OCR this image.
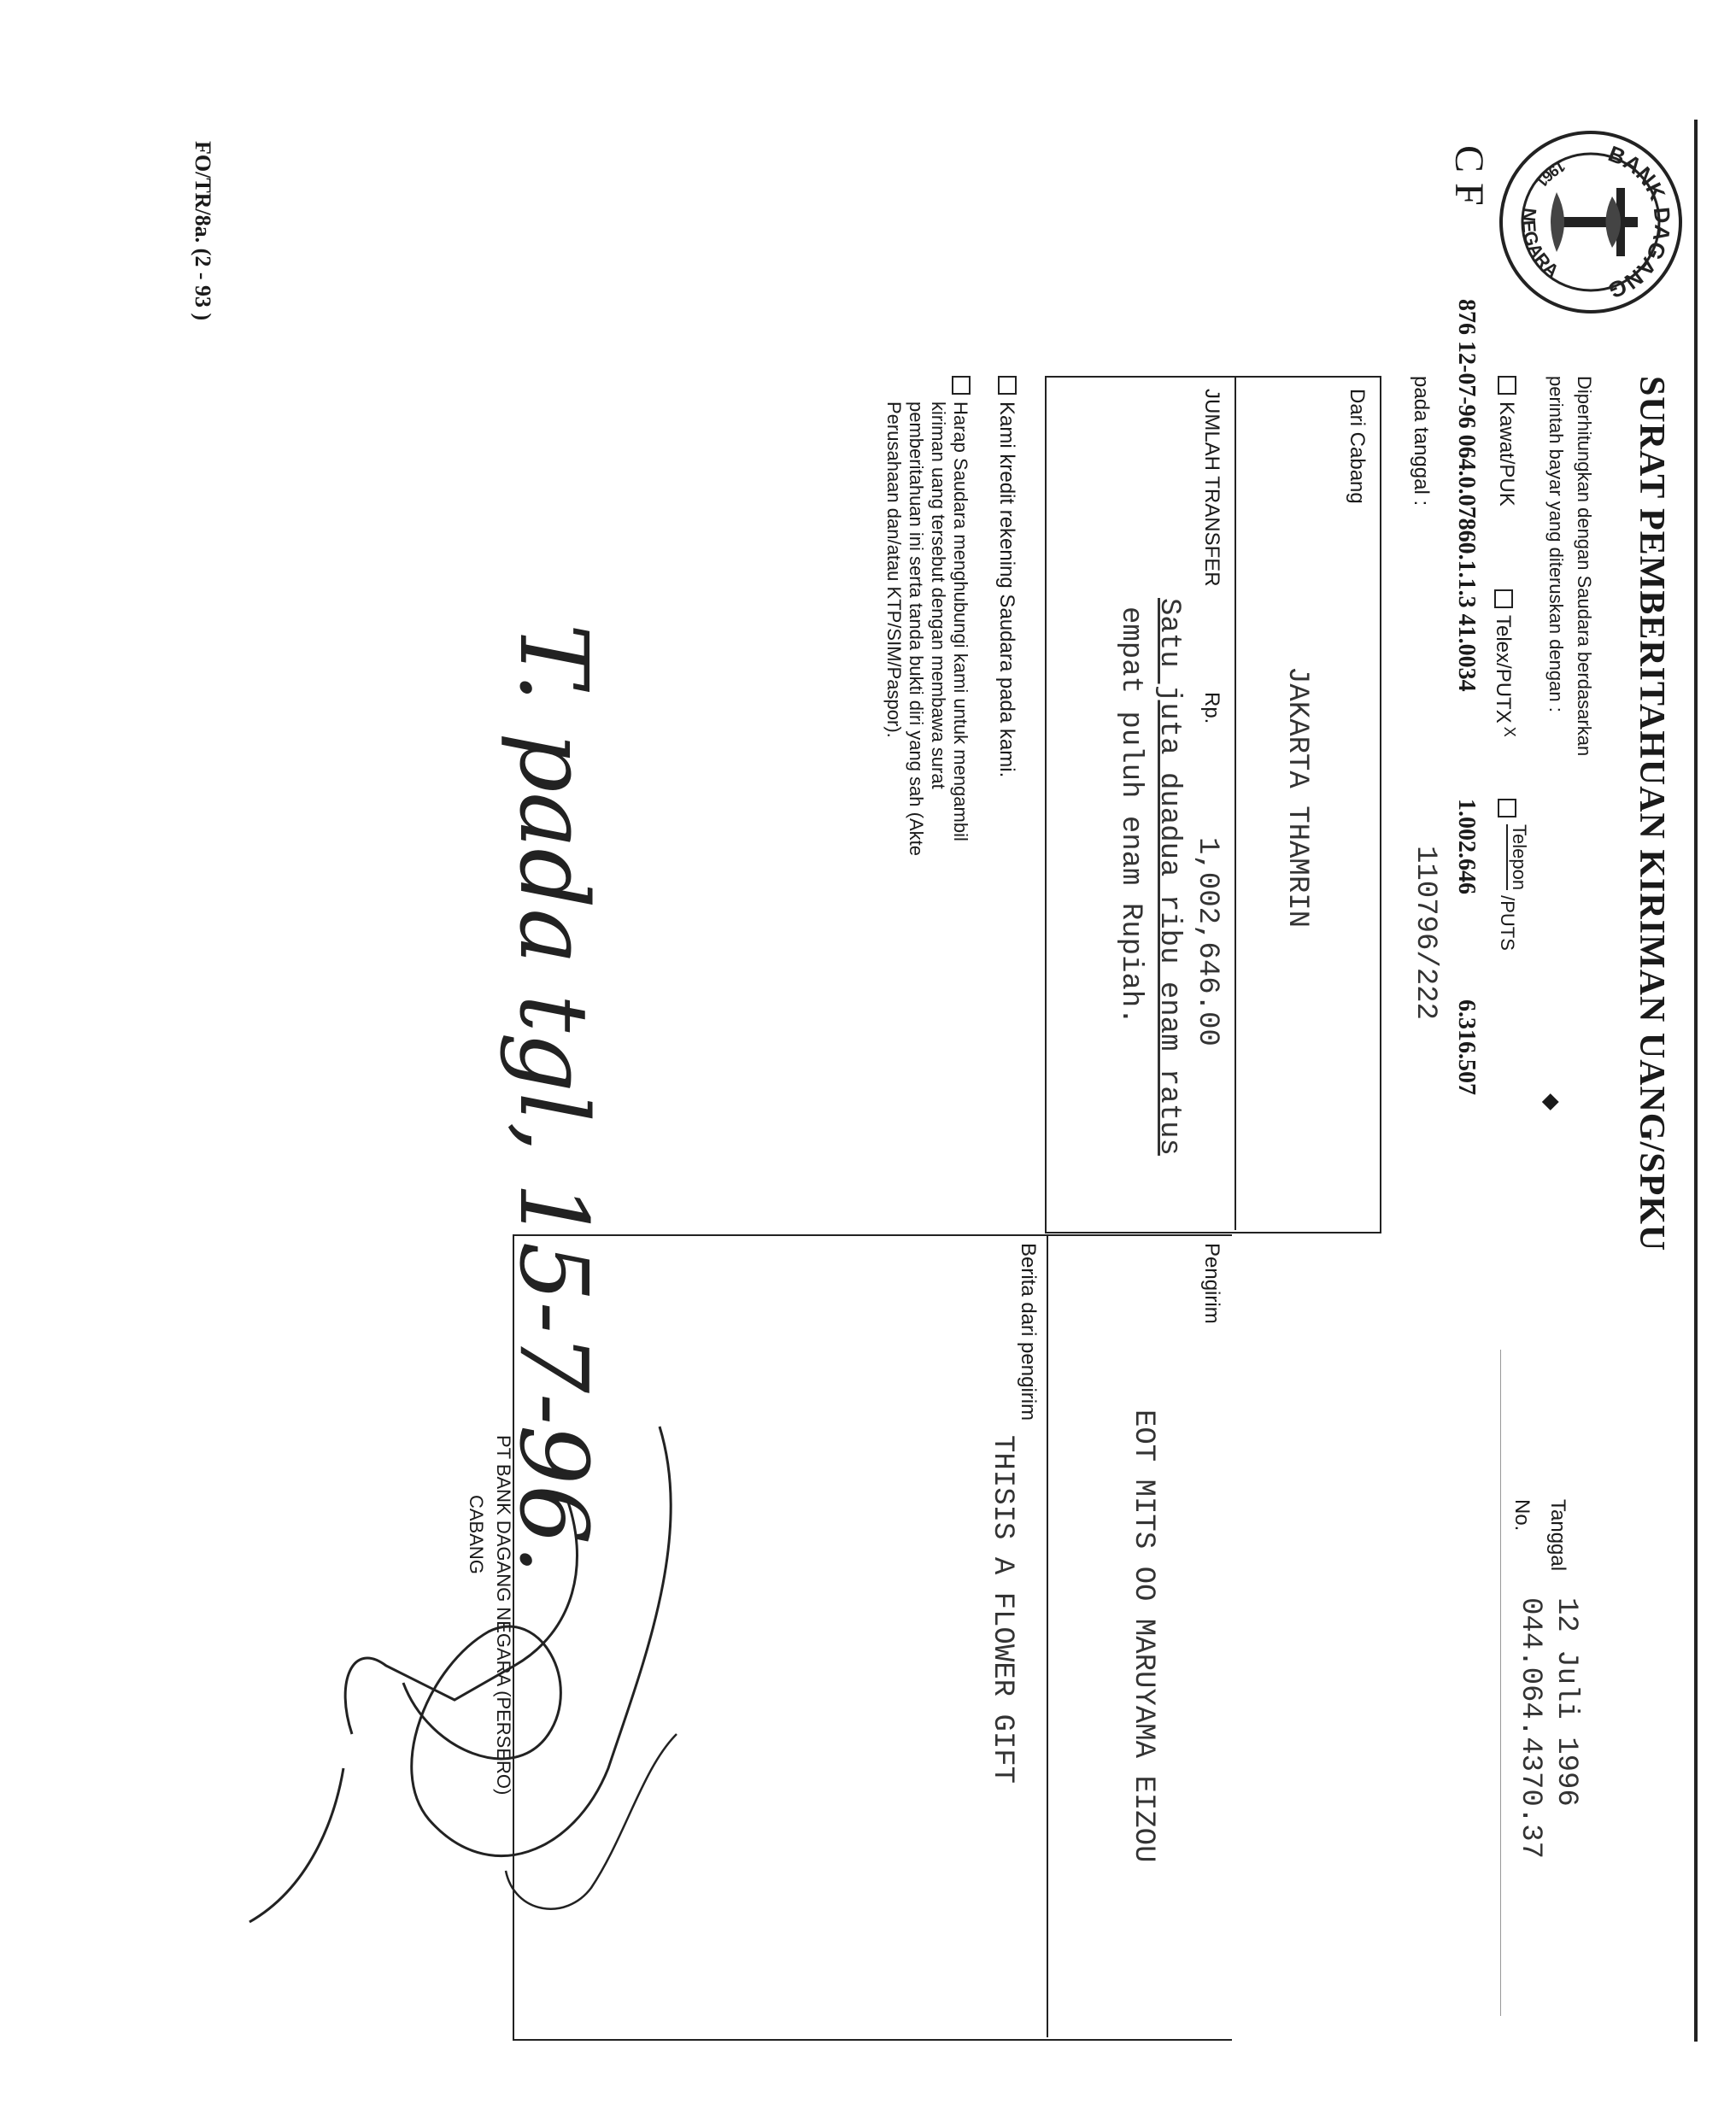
BANK DAGANG
NEGARA
1961
C F
SURAT PEMBERITAHUAN KIRIMAN UANG/SPKU
Tanggal
12 Juli 1996
No.
044.064.4370.37
Diperhitungkan dengan Saudara berdasarkan
perintah bayar yang diteruskan dengan :
◆
Kawat/PUK
Telex/$PUTX^X$
Telepon/PUTS
876 12-07-96 064.0.07860.1.1.3 41.0034
1.002.646
6.316.507
pada tanggal :
110796/222
Dari Cabang
JAKARTA THAMRIN
JUMLAH TRANSFER
Rp.
1,002,646.00
Satu juta duadua ribu enam ratus
empat puluh enam Rupiah.
Pengirim
EOT MITS OO MARUYAMA EIZOU
Berita dari pengirim
THISIS A FLOWER GIFT
Kami kredit rekening Saudara pada kami.
Harap Saudara menghubungi kami untuk mengambil
kiriman uang tersebut dengan membawa surat
pemberitahuan ini serta tanda bukti diri yang sah (Akte
Perusahaan dan/atau KTP/SIM/Paspor).
T. pada tgl, 15-7-96.
PT BANK DAGANG NEGARA (PERSERO)
CABANG
FO/TR/8a. (2 - 93 )
